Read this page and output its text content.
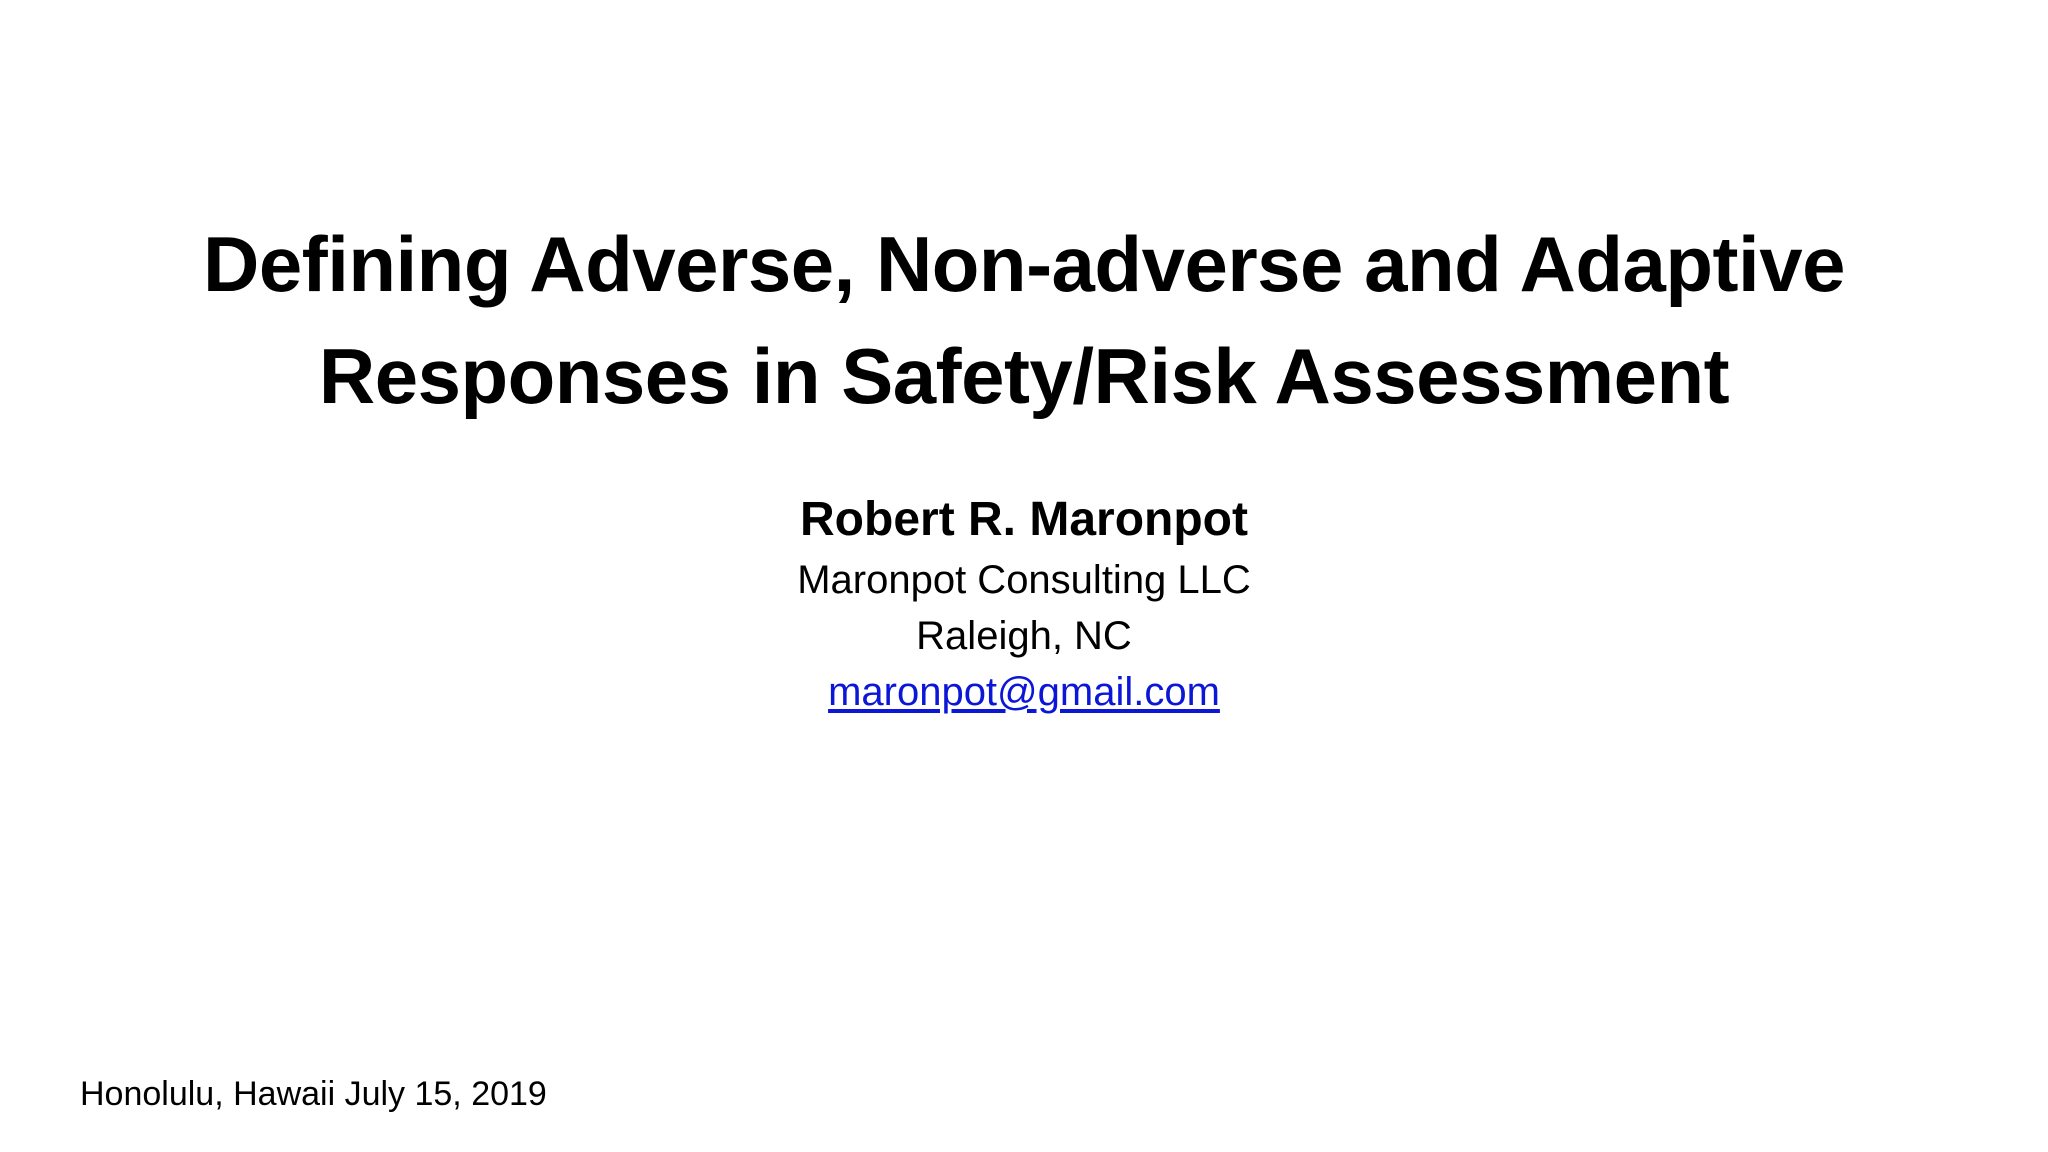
Defining Adverse, Non-adverse and Adaptive
Responses in Safety/Risk Assessment
Robert R. Maronpot
Maronpot Consulting LLC
Raleigh, NC
maronpot@gmail.com
Honolulu, Hawaii July 15, 2019
